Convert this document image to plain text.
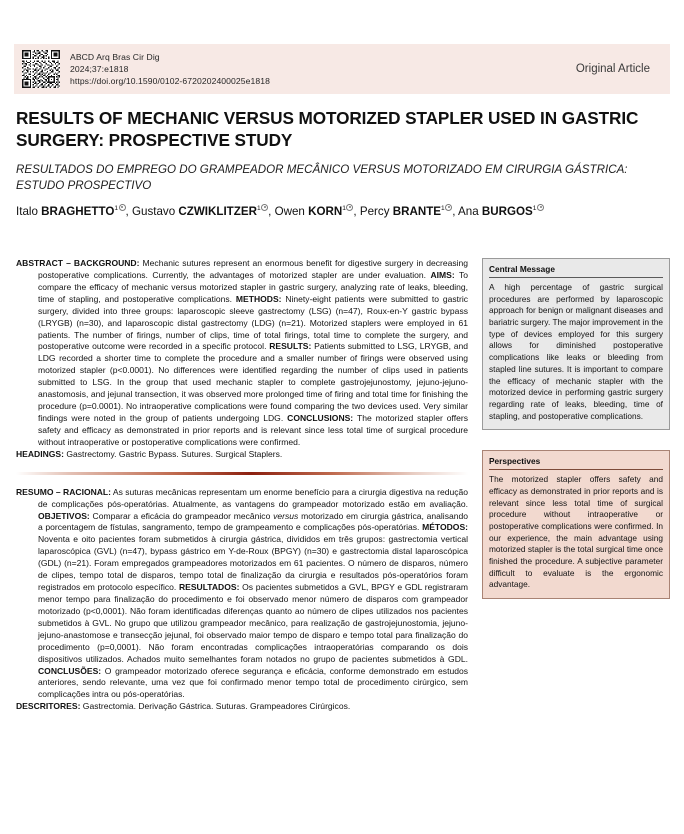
ABCD Arq Bras Cir Dig
2024;37:e1818
https://doi.org/10.1590/0102-6720202400025e1818
Original Article
RESULTS OF MECHANIC VERSUS MOTORIZED STAPLER USED IN GASTRIC SURGERY: PROSPECTIVE STUDY
RESULTADOS DO EMPREGO DO GRAMPEADOR MECÂNICO VERSUS MOTORIZADO EM CIRURGIA GÁSTRICA: ESTUDO PROSPECTIVO
Italo BRAGHETTO$^1$ , Gustavo CZWIKLITZER$^1$ , Owen KORN$^1$ , Percy BRANTE$^1$ , Ana BURGOS$^1$
ABSTRACT – BACKGROUND: Mechanic sutures represent an enormous benefit for digestive surgery in decreasing postoperative complications. Currently, the advantages of motorized stapler are under evaluation. AIMS: To compare the efficacy of mechanic versus motorized stapler in gastric surgery, analyzing rate of leaks, bleeding, time of stapling, and postoperative complications. METHODS: Ninety-eight patients were submitted to gastric surgery, divided into three groups: laparoscopic sleeve gastrectomy (LSG) (n=47), Roux-en-Y gastric bypass (LRYGB) (n=30), and laparoscopic distal gastrectomy (LDG) (n=21). Motorized staplers were employed in 61 patients. The number of firings, number of clips, time of total firings, total time to complete the surgery, and postoperative outcome were recorded in a specific protocol. RESULTS: Patients submitted to LSG, LRYGB, and LDG recorded a shorter time to complete the procedure and a smaller number of firings were observed using motorized stapler (p<0.0001). No differences were identified regarding the number of clips used in patients submitted to LSG. In the group that used mechanic stapler to complete gastrojejunostomy, jejuno-jejuno-anastomosis, and jejunal transection, it was observed more prolonged time of firing and total time for finishing the procedure (p=0.0001). No intraoperative complications were found comparing the two devices used. Very similar findings were noted in the group of patients undergoing LDG. CONCLUSIONS: The motorized stapler offers safety and efficacy as demonstrated in prior reports and is relevant since less total time of surgical procedure without intraoperative or postoperative complications were confirmed.
HEADINGS: Gastrectomy. Gastric Bypass. Sutures. Surgical Staplers.
RESUMO – RACIONAL: As suturas mecânicas representam um enorme benefício para a cirurgia digestiva na redução de complicações pós-operatórias. Atualmente, as vantagens do grampeador motorizado estão em avaliação. OBJETIVOS: Comparar a eficácia do grampeador mecânico versus motorizado em cirurgia gástrica, analisando a porcentagem de fístulas, sangramento, tempo de grampeamento e complicações pós-operatórias. MÉTODOS: Noventa e oito pacientes foram submetidos à cirurgia gástrica, divididos em três grupos: gastrectomia vertical laparoscópica (GVL) (n=47), bypass gástrico em Y-de-Roux (BPGY) (n=30) e gastrectomia distal laparoscópica (GDL) (n=21). Foram empregados grampeadores motorizados em 61 pacientes. O número de disparos, número de clipes, tempo total de disparos, tempo total de finalização da cirurgia e resultados pós-operatórios foram registrados em protocolo específico. RESULTADOS: Os pacientes submetidos a GVL, BPGY e GDL registraram menor tempo para finalização do procedimento e foi observado menor número de disparos com grampeador motorizado (p<0,0001). Não foram identificadas diferenças quanto ao número de clipes utilizados nos pacientes submetidos à GVL. No grupo que utilizou grampeador mecânico, para realização de gastrojejunostomia, jejuno-jejuno-anastomose e transecção jejunal, foi observado maior tempo de disparo e tempo total para finalização do procedimento (p=0,0001). Não foram encontradas complicações intraoperatórias comparando os dois dispositivos utilizados. Achados muito semelhantes foram notados no grupo de pacientes submetidos à GDL. CONCLUSÕES: O grampeador motorizado oferece segurança e eficácia, conforme demonstrado em estudos anteriores, sendo relevante, uma vez que foi confirmado menor tempo total de procedimento cirúrgico, sem complicações intra ou pós-operatórias.
DESCRITORES: Gastrectomia. Derivação Gástrica. Suturas. Grampeadores Cirúrgicos.
Central Message
A high percentage of gastric surgical procedures are performed by laparoscopic approach for benign or malignant diseases and bariatric surgery. The major improvement in the type of devices employed for this surgery allows for diminished postoperative complications like leaks or bleeding from stapled line sutures. It is important to compare the efficacy of mechanic stapler with the motorized device in performing gastric surgery regarding rate of leaks, bleeding, time of stapling, and postoperative complications.
Perspectives
The motorized stapler offers safety and efficacy as demonstrated in prior reports and is relevant since less total time of surgical procedure without intraoperative or postoperative complications were confirmed. In our experience, the main advantage using motorized stapler is the total surgical time once finished the procedure. A subjective parameter difficult to evaluate is the ergonomic advantage.
